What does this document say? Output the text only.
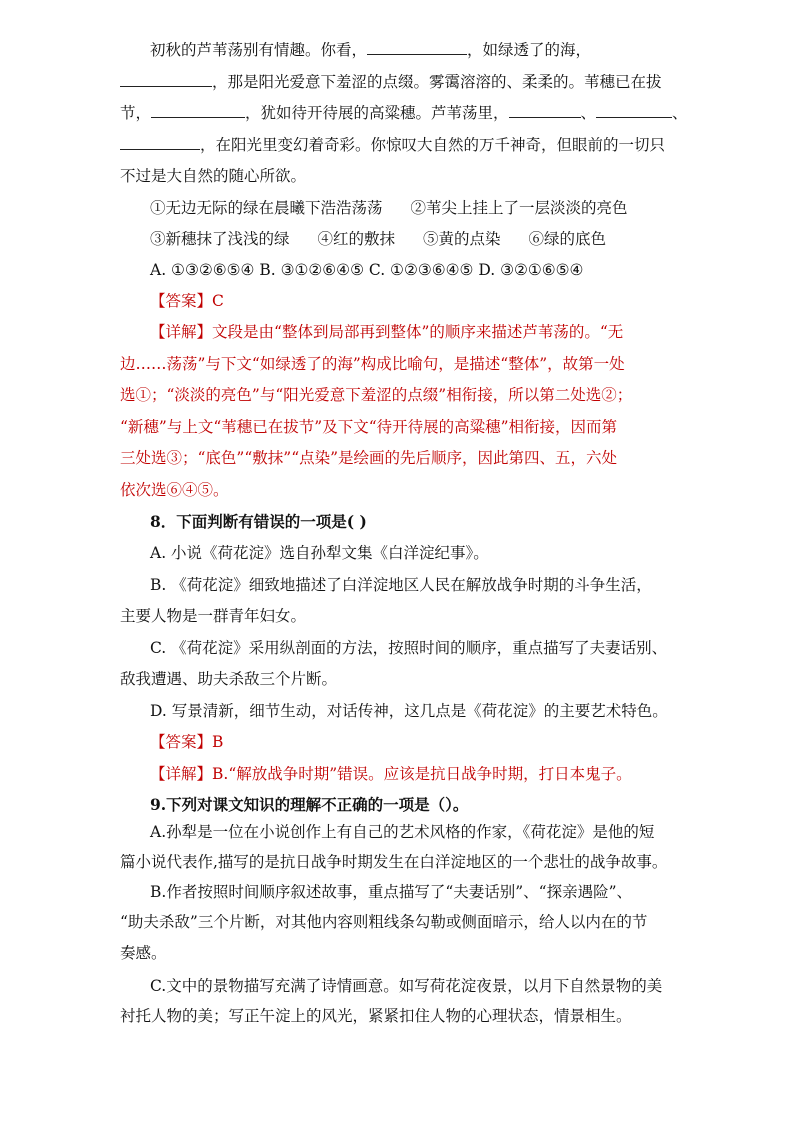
初秋的芦苇荡别有情趣。你看，	，如绿透了的海，
，那是阳光爱意下羞涩的点缀。雾霭溶溶的、柔柔的。苇穗已在拔
节，	，犹如待开待展的高粱穗。芦苇荡里，	、	、
，在阳光里变幻着奇彩。你惊叹大自然的万千神奇，但眼前的一切只
不过是大自然的随心所欲。
①无边无际的绿在晨曦下浩浩荡荡 ②苇尖上挂上了一层淡淡的亮色
③新穗抹了浅浅的绿 ④红的敷抹 ⑤黄的点染 ⑥绿的底色
A. ①③②⑥⑤④ B. ③①②⑥④⑤ C. ①②③⑥④⑤ D. ③②①⑥⑤④
【答案】C
【详解】文段是由“整体到局部再到整体”的顺序来描述芦苇荡的。“无
边……荡荡”与下文“如绿透了的海”构成比喻句，是描述“整体”，故第一处
选①；“淡淡的亮色”与“阳光爱意下羞涩的点缀”相衔接，所以第二处选②；
“新穗”与上文“苇穗已在拔节”及下文“待开待展的高粱穗”相衔接，因而第
三处选③；“底色”“敷抹”“点染”是绘画的先后顺序，因此第四、五，六处
依次选⑥④⑤。
8．下面判断有错误的一项是( )
A. 小说《荷花淀》选自孙犁文集《白洋淀纪事》。
B. 《荷花淀》细致地描述了白洋淀地区人民在解放战争时期的斗争生活，
主要人物是一群青年妇女。
C. 《荷花淀》采用纵剖面的方法，按照时间的顺序，重点描写了夫妻话别、
敌我遭遇、助夫杀敌三个片断。
D. 写景清新，细节生动，对话传神，这几点是《荷花淀》的主要艺术特色。
【答案】B
【详解】B.“解放战争时期”错误。应该是抗日战争时期，打日本鬼子。
9.下列对课文知识的理解不正确的一项是（）。
A.孙犁是一位在小说创作上有自己的艺术风格的作家，《荷花淀》是他的短
篇小说代表作,描写的是抗日战争时期发生在白洋淀地区的一个悲壮的战争故事。
B.作者按照时间顺序叙述故事，重点描写了“夫妻话别”、“探亲遇险”、
“助夫杀敌”三个片断，对其他内容则粗线条勾勒或侧面暗示，给人以内在的节
奏感。
C.文中的景物描写充满了诗情画意。如写荷花淀夜景，以月下自然景物的美
衬托人物的美；写正午淀上的风光，紧紧扣住人物的心理状态，情景相生。
